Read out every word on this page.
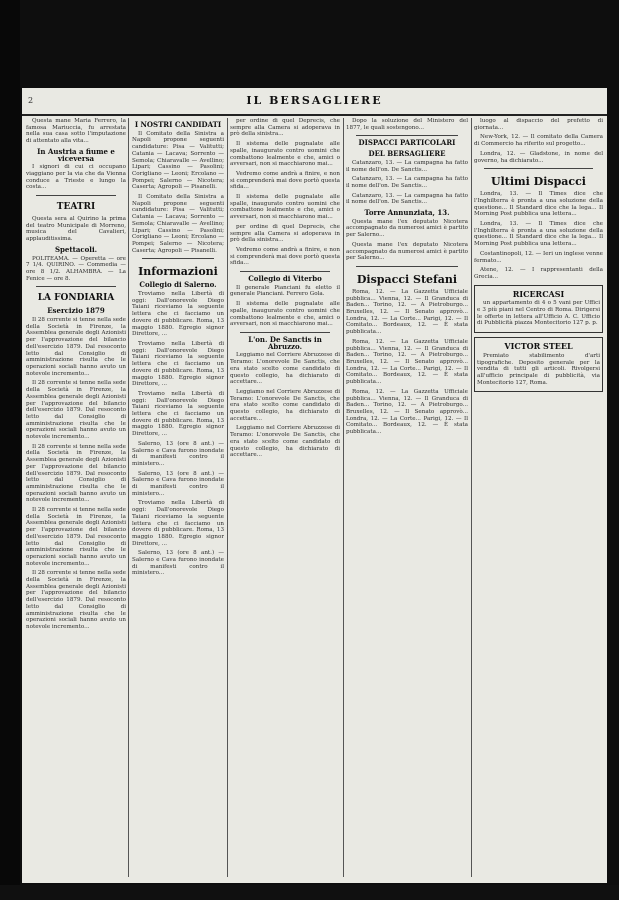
2	IL BERSAGLIERE

Questa mane Maria Ferrero, la famosa Mariuccia, fu arrestata nella sua casa sotto l'imputazione di attentato alla vita...

In Austria a fiume e viceversa

I signori di cui ci occupano viaggiano per la via che da Vienna conduce a Trieste e lungo la costa...

TEATRI

Questa sera al Quirino la prima del teatro Municipale di Morreno, musica del Cavalieri, applauditissima.

Spettacoli.

POLITEAMA. — Operetta — ore 7 1/4. QUIRINO. — Commedia — ore 8 1/2. ALHAMBRA. — La Fenice — ore 8.

LA FONDIARIA
Esercizio 1879

Il 28 corrente si tenne nella sede della Società in Firenze, la Assemblea generale degli Azionisti per l'approvazione del bilancio dell'esercizio 1879. Dal resoconto letto dal Consiglio di amministrazione risulta che le operazioni sociali hanno avuto un notevole incremento...

Il 28 corrente si tenne nella sede della Società in Firenze, la Assemblea generale degli Azionisti per l'approvazione del bilancio dell'esercizio 1879. Dal resoconto letto dal Consiglio di amministrazione risulta che le operazioni sociali hanno avuto un notevole incremento...

Il 28 corrente si tenne nella sede della Società in Firenze, la Assemblea generale degli Azionisti per l'approvazione del bilancio dell'esercizio 1879. Dal resoconto letto dal Consiglio di amministrazione risulta che le operazioni sociali hanno avuto un notevole incremento...

Il 28 corrente si tenne nella sede della Società in Firenze, la Assemblea generale degli Azionisti per l'approvazione del bilancio dell'esercizio 1879. Dal resoconto letto dal Consiglio di amministrazione risulta che le operazioni sociali hanno avuto un notevole incremento...

Il 28 corrente si tenne nella sede della Società in Firenze, la Assemblea generale degli Azionisti per l'approvazione del bilancio dell'esercizio 1879. Dal resoconto letto dal Consiglio di amministrazione risulta che le operazioni sociali hanno avuto un notevole incremento...

I NOSTRI CANDIDATI

Il Comitato della Sinistra a Napoli propone seguenti candidature: Pisa — Valitutti; Catania — Lacava; Sorrento — Semola; Chiaravalle — Avellino; Lipari; Cassino — Pasolini; Corigliano — Leoni; Ercolano — Pompei; Salerno — Nicotera; Caserta; Agropoli — Pisanelli.

Il Comitato della Sinistra a Napoli propone seguenti candidature: Pisa — Valitutti; Catania — Lacava; Sorrento — Semola; Chiaravalle — Avellino; Lipari; Cassino — Pasolini; Corigliano — Leoni; Ercolano — Pompei; Salerno — Nicotera; Caserta; Agropoli — Pisanelli.

Informazioni
Collegio di Salerno.

Troviamo nella Libertà di oggi: Dall'onorevole Diego Taiani riceviamo la seguente lettera che ci facciamo un dovere di pubblicare. Roma, 13 maggio 1880. Egregio signor Direttore, ...

Troviamo nella Libertà di oggi: Dall'onorevole Diego Taiani riceviamo la seguente lettera che ci facciamo un dovere di pubblicare. Roma, 13 maggio 1880. Egregio signor Direttore, ...

Troviamo nella Libertà di oggi: Dall'onorevole Diego Taiani riceviamo la seguente lettera che ci facciamo un dovere di pubblicare. Roma, 13 maggio 1880. Egregio signor Direttore, ...

Salerno, 13 (ore 8 ant.) — Salerno e Cava furono inondate di manifesti contro il ministero...

Salerno, 13 (ore 8 ant.) — Salerno e Cava furono inondate di manifesti contro il ministero...

Troviamo nella Libertà di oggi: Dall'onorevole Diego Taiani riceviamo la seguente lettera che ci facciamo un dovere di pubblicare. Roma, 13 maggio 1880. Egregio signor Direttore, ...

Salerno, 13 (ore 8 ant.) — Salerno e Cava furono inondate di manifesti contro il ministero...

per ordine di quel Deprecis, che sempre alla Camera si adoperava in prò della sinistra...

Il sistema delle pugnalate alle spalle, inaugurato contro uomini che combattono lealmente e che, amici o avversari, non si macchiarono mai...

Vedremo come andrà a finire, e non si comprenderà mai dove portò questa sfida...

Il sistema delle pugnalate alle spalle, inaugurato contro uomini che combattono lealmente e che, amici o avversari, non si macchiarono mai...

per ordine di quel Deprecis, che sempre alla Camera si adoperava in prò della sinistra...

Vedremo come andrà a finire, e non si comprenderà mai dove portò questa sfida...

Collegio di Viterbo

Il generale Pianciani fu eletto il generale Pianciani. Ferrero Gola.

Il sistema delle pugnalate alle spalle, inaugurato contro uomini che combattono lealmente e che, amici o avversari, non si macchiarono mai...

L'on. De Sanctis in Abruzzo.

Leggiamo nel Corriere Abruzzese di Teramo: L'onorevole De Sanctis, che era stato scelto come candidato di questo collegio, ha dichiarato di accettare...

Leggiamo nel Corriere Abruzzese di Teramo: L'onorevole De Sanctis, che era stato scelto come candidato di questo collegio, ha dichiarato di accettare...

Leggiamo nel Corriere Abruzzese di Teramo: L'onorevole De Sanctis, che era stato scelto come candidato di questo collegio, ha dichiarato di accettare...

Dopo la soluzione del Ministero del 1877, le quali sostengono...

DISPACCI PARTICOLARI
DEL BERSAGLIERE

Catanzaro, 13. — La campagna ha fatto il nome dell'on. De Sanctis...

Catanzaro, 13. — La campagna ha fatto il nome dell'on. De Sanctis...

Catanzaro, 13. — La campagna ha fatto il nome dell'on. De Sanctis...

Torre Annunziata, 13.

Questa mane l'ex deputato Nicotera accompagnato da numerosi amici è partito per Salerno...

Questa mane l'ex deputato Nicotera accompagnato da numerosi amici è partito per Salerno...

Dispacci Stefani

Roma, 12. — La Gazzetta Ufficiale pubblica... Vienna, 12. — Il Granduca di Baden... Torino, 12. — A Pietroburgo... Bruxelles, 12. — Il Senato approvò... Londra, 12. — La Corte... Parigi, 12. — Il Comitato... Bordeaux, 12. — È stata pubblicata...

Roma, 12. — La Gazzetta Ufficiale pubblica... Vienna, 12. — Il Granduca di Baden... Torino, 12. — A Pietroburgo... Bruxelles, 12. — Il Senato approvò... Londra, 12. — La Corte... Parigi, 12. — Il Comitato... Bordeaux, 12. — È stata pubblicata...

Roma, 12. — La Gazzetta Ufficiale pubblica... Vienna, 12. — Il Granduca di Baden... Torino, 12. — A Pietroburgo... Bruxelles, 12. — Il Senato approvò... Londra, 12. — La Corte... Parigi, 12. — Il Comitato... Bordeaux, 12. — È stata pubblicata...

luogo al dispaccio del prefetto di giornata...

New-York, 12. — Il comitato della Camera di Commercio ha riferito sul progetto...

Londra, 12. — Gladstone, in nome del governo, ha dichiarato...

Ultimi Dispacci

Londra, 13. — Il Times dice che l'Inghilterra è pronta a una soluzione della questione... Il Standard dice che la lega... Il Morning Post pubblica una lettera...

Londra, 13. — Il Times dice che l'Inghilterra è pronta a una soluzione della questione... Il Standard dice che la lega... Il Morning Post pubblica una lettera...

Costantinopoli, 12. — Ieri un inglese venne fermato...

Atene, 12. — I rappresentanti della Grecia...

RICERCASI

un appartamento di 4 o 5 vani per Uffici e 3 più piani nel Centro di Roma. Dirigersi le offerte in lettera all'Ufficio A. C. Ufficio di Pubblicità piazza Montecitorio 127 p. p.

VICTOR STEEL

Premiato stabilimento d'arti tipografiche. Deposito generale per la vendita di tutti gli articoli. Rivolgersi all'ufficio principale di pubblicità, via Montecitorio 127, Roma.
